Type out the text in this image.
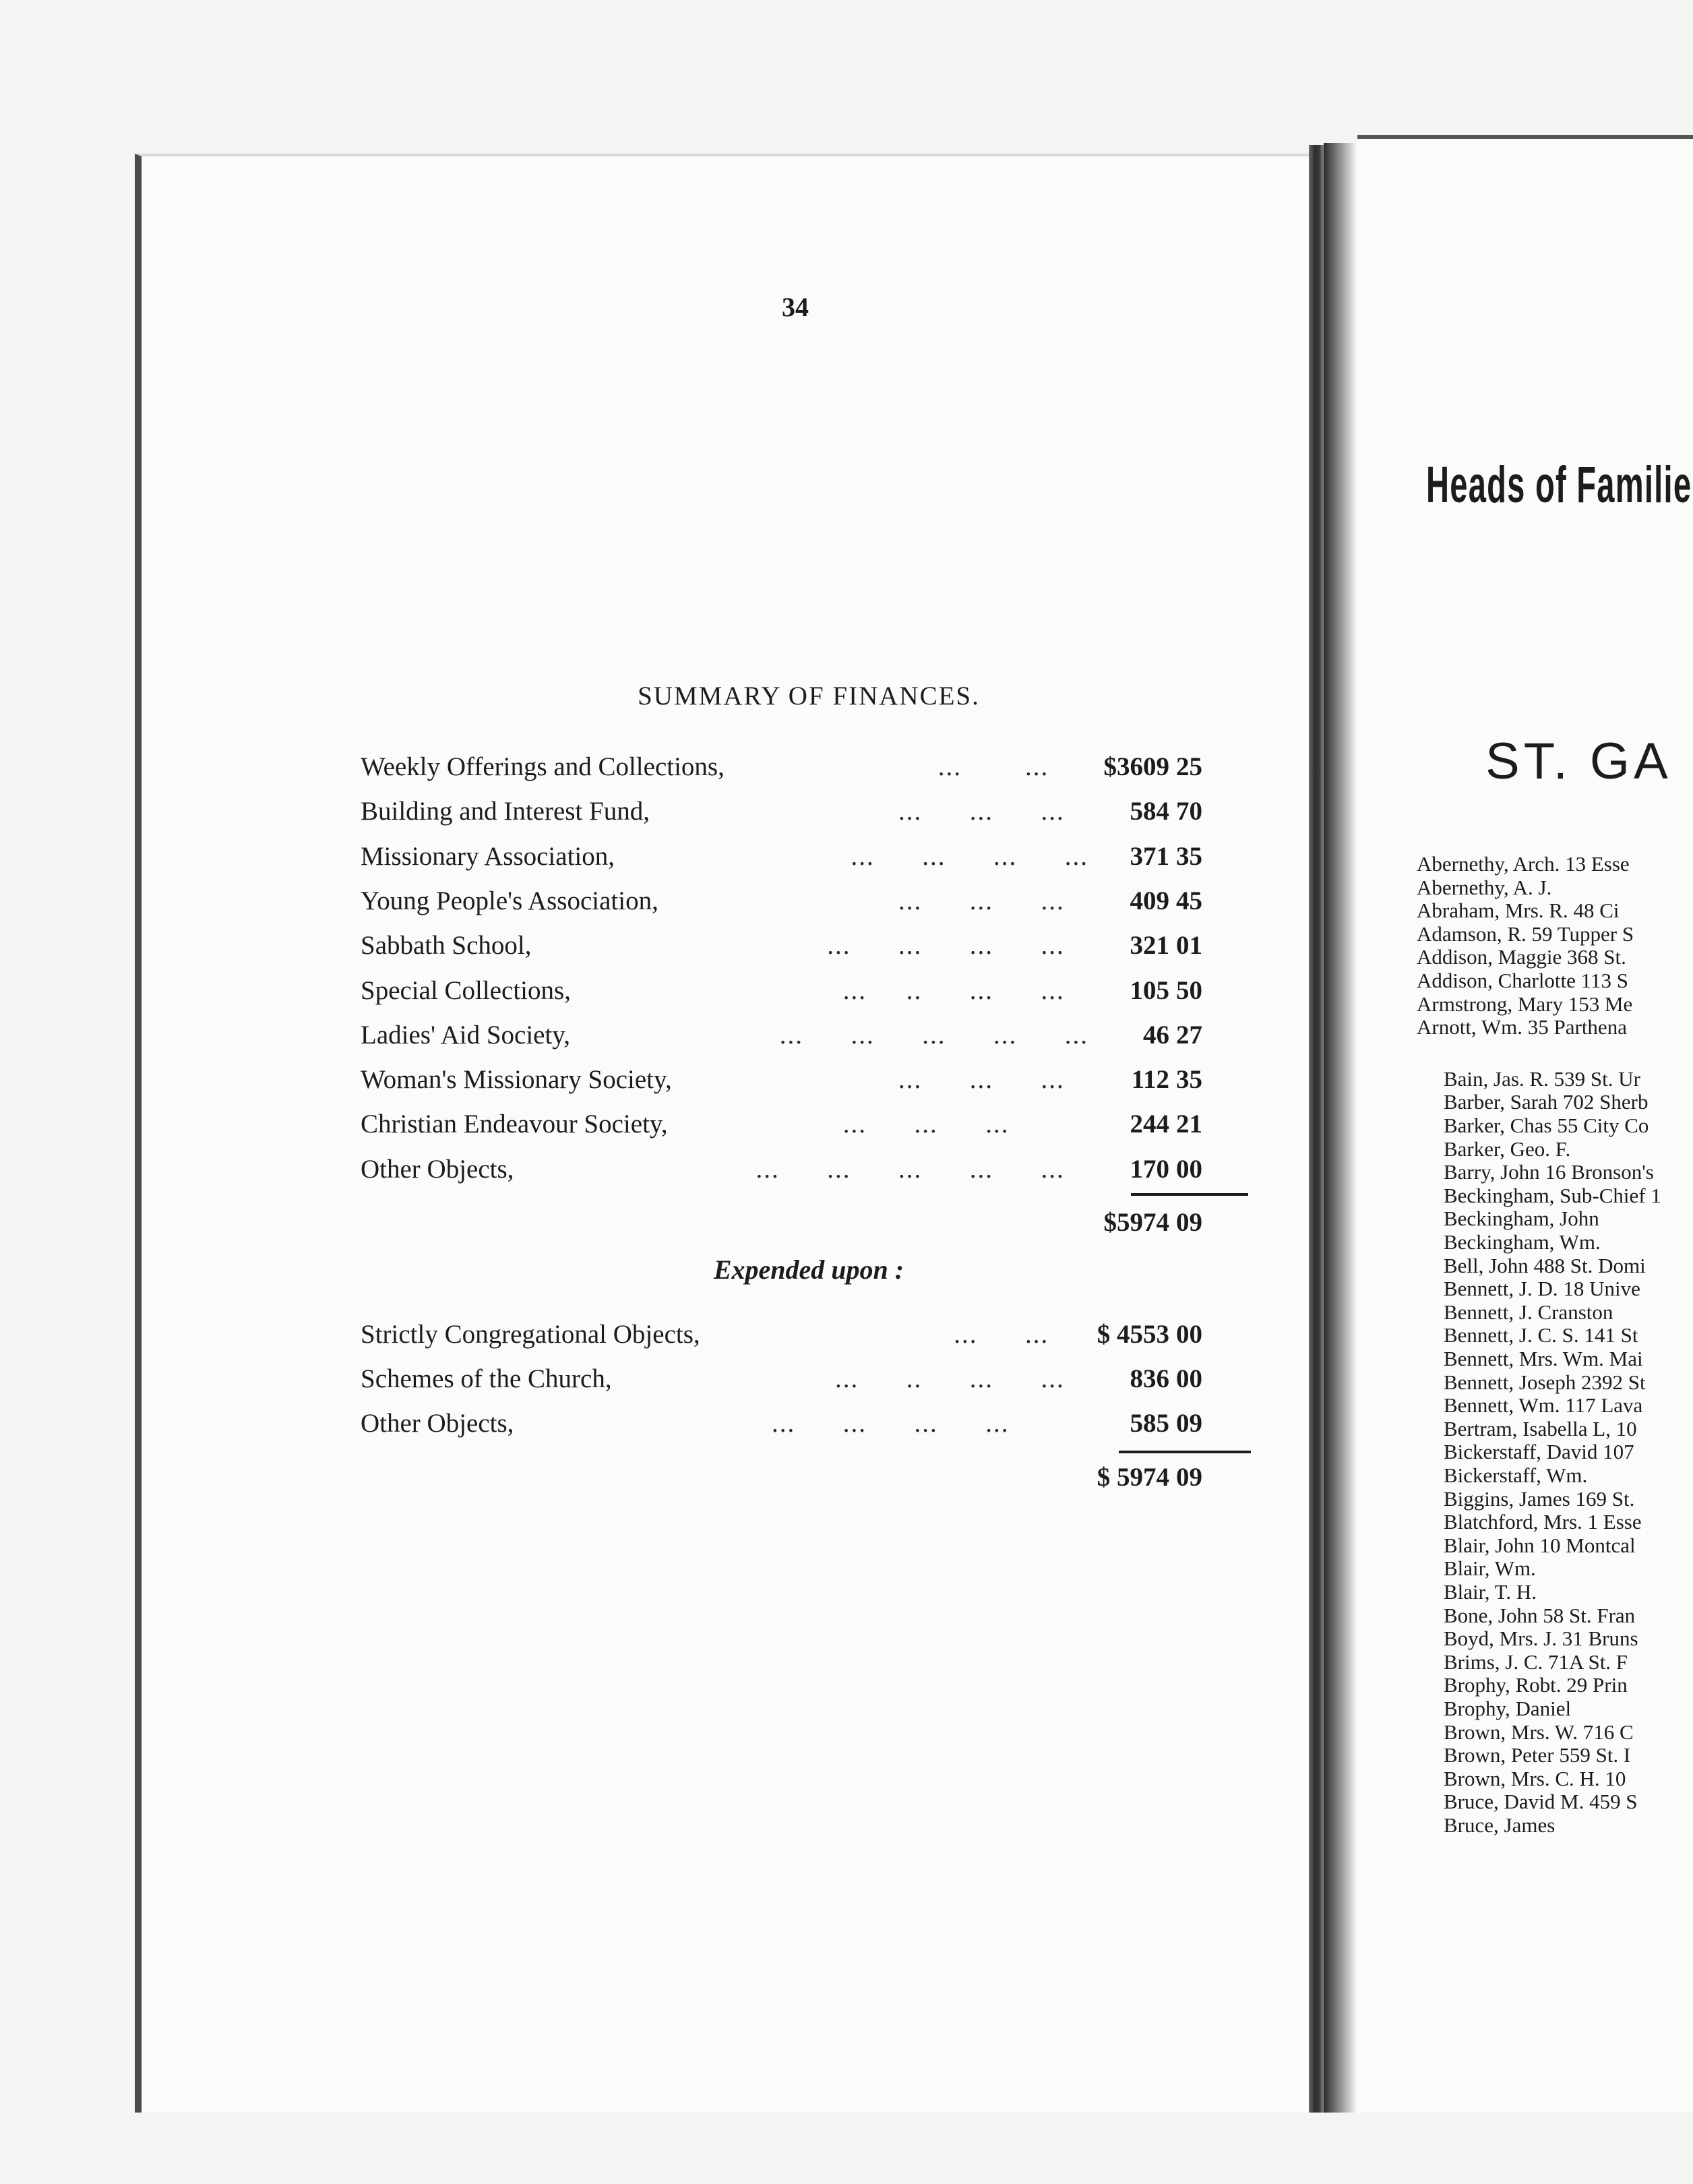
34
SUMMARY OF FINANCES.
Weekly Offerings and Collections,	...        ... $3609 25
Building and Interest Fund,	...      ...      ...	584 70
Missionary Association,	...      ...      ...      ...	371 35
Young People's Association,	...      ...      ...	409 45
Sabbath School,	...      ...      ...      ...	321 01
Special Collections,	...     ..      ...      ...	105 50
Ladies' Aid Society,	...      ...      ...      ...      ...	46 27
Woman's Missionary Society,	...      ...      ...	112 35
Christian Endeavour Society,	...      ...      ...	244 21
Other Objects,	...      ...      ...      ...      ...	170 00
$5974 09
Expended upon :
Strictly Congregational Objects,	...      ... $ 4553 00
Schemes of the Church,	...      ..      ...      ...	836 00
Other Objects,	...      ...      ...      ...	585 09
$ 5974 09
Heads of Familie
ST. GA
Abernethy, Arch. 13 Esse
Abernethy, A. J.
Abraham, Mrs. R. 48 Ci
Adamson, R. 59 Tupper S
Addison, Maggie 368 St.
Addison, Charlotte 113 S
Armstrong, Mary 153 Me
Arnott, Wm. 35 Parthena
Bain, Jas. R. 539 St. Ur
Barber, Sarah 702 Sherb
Barker, Chas 55 City Co
Barker, Geo. F.
Barry, John 16 Bronson's
Beckingham, Sub-Chief 1
Beckingham, John
Beckingham, Wm.
Bell, John 488 St. Domi
Bennett, J. D. 18 Unive
Bennett, J. Cranston
Bennett, J. C. S. 141 St
Bennett, Mrs. Wm. Mai
Bennett, Joseph 2392 St
Bennett, Wm. 117 Lava
Bertram, Isabella L, 10
Bickerstaff, David 107
Bickerstaff, Wm.
Biggins, James 169 St.
Blatchford, Mrs. 1 Esse
Blair, John 10 Montcal
Blair, Wm.
Blair, T. H.
Bone, John 58 St. Fran
Boyd, Mrs. J. 31 Bruns
Brims, J. C. 71A St. F
Brophy, Robt. 29 Prin
Brophy, Daniel
Brown, Mrs. W. 716 C
Brown, Peter 559 St. I
Brown, Mrs. C. H. 10
Bruce, David M. 459 S
Bruce, James
